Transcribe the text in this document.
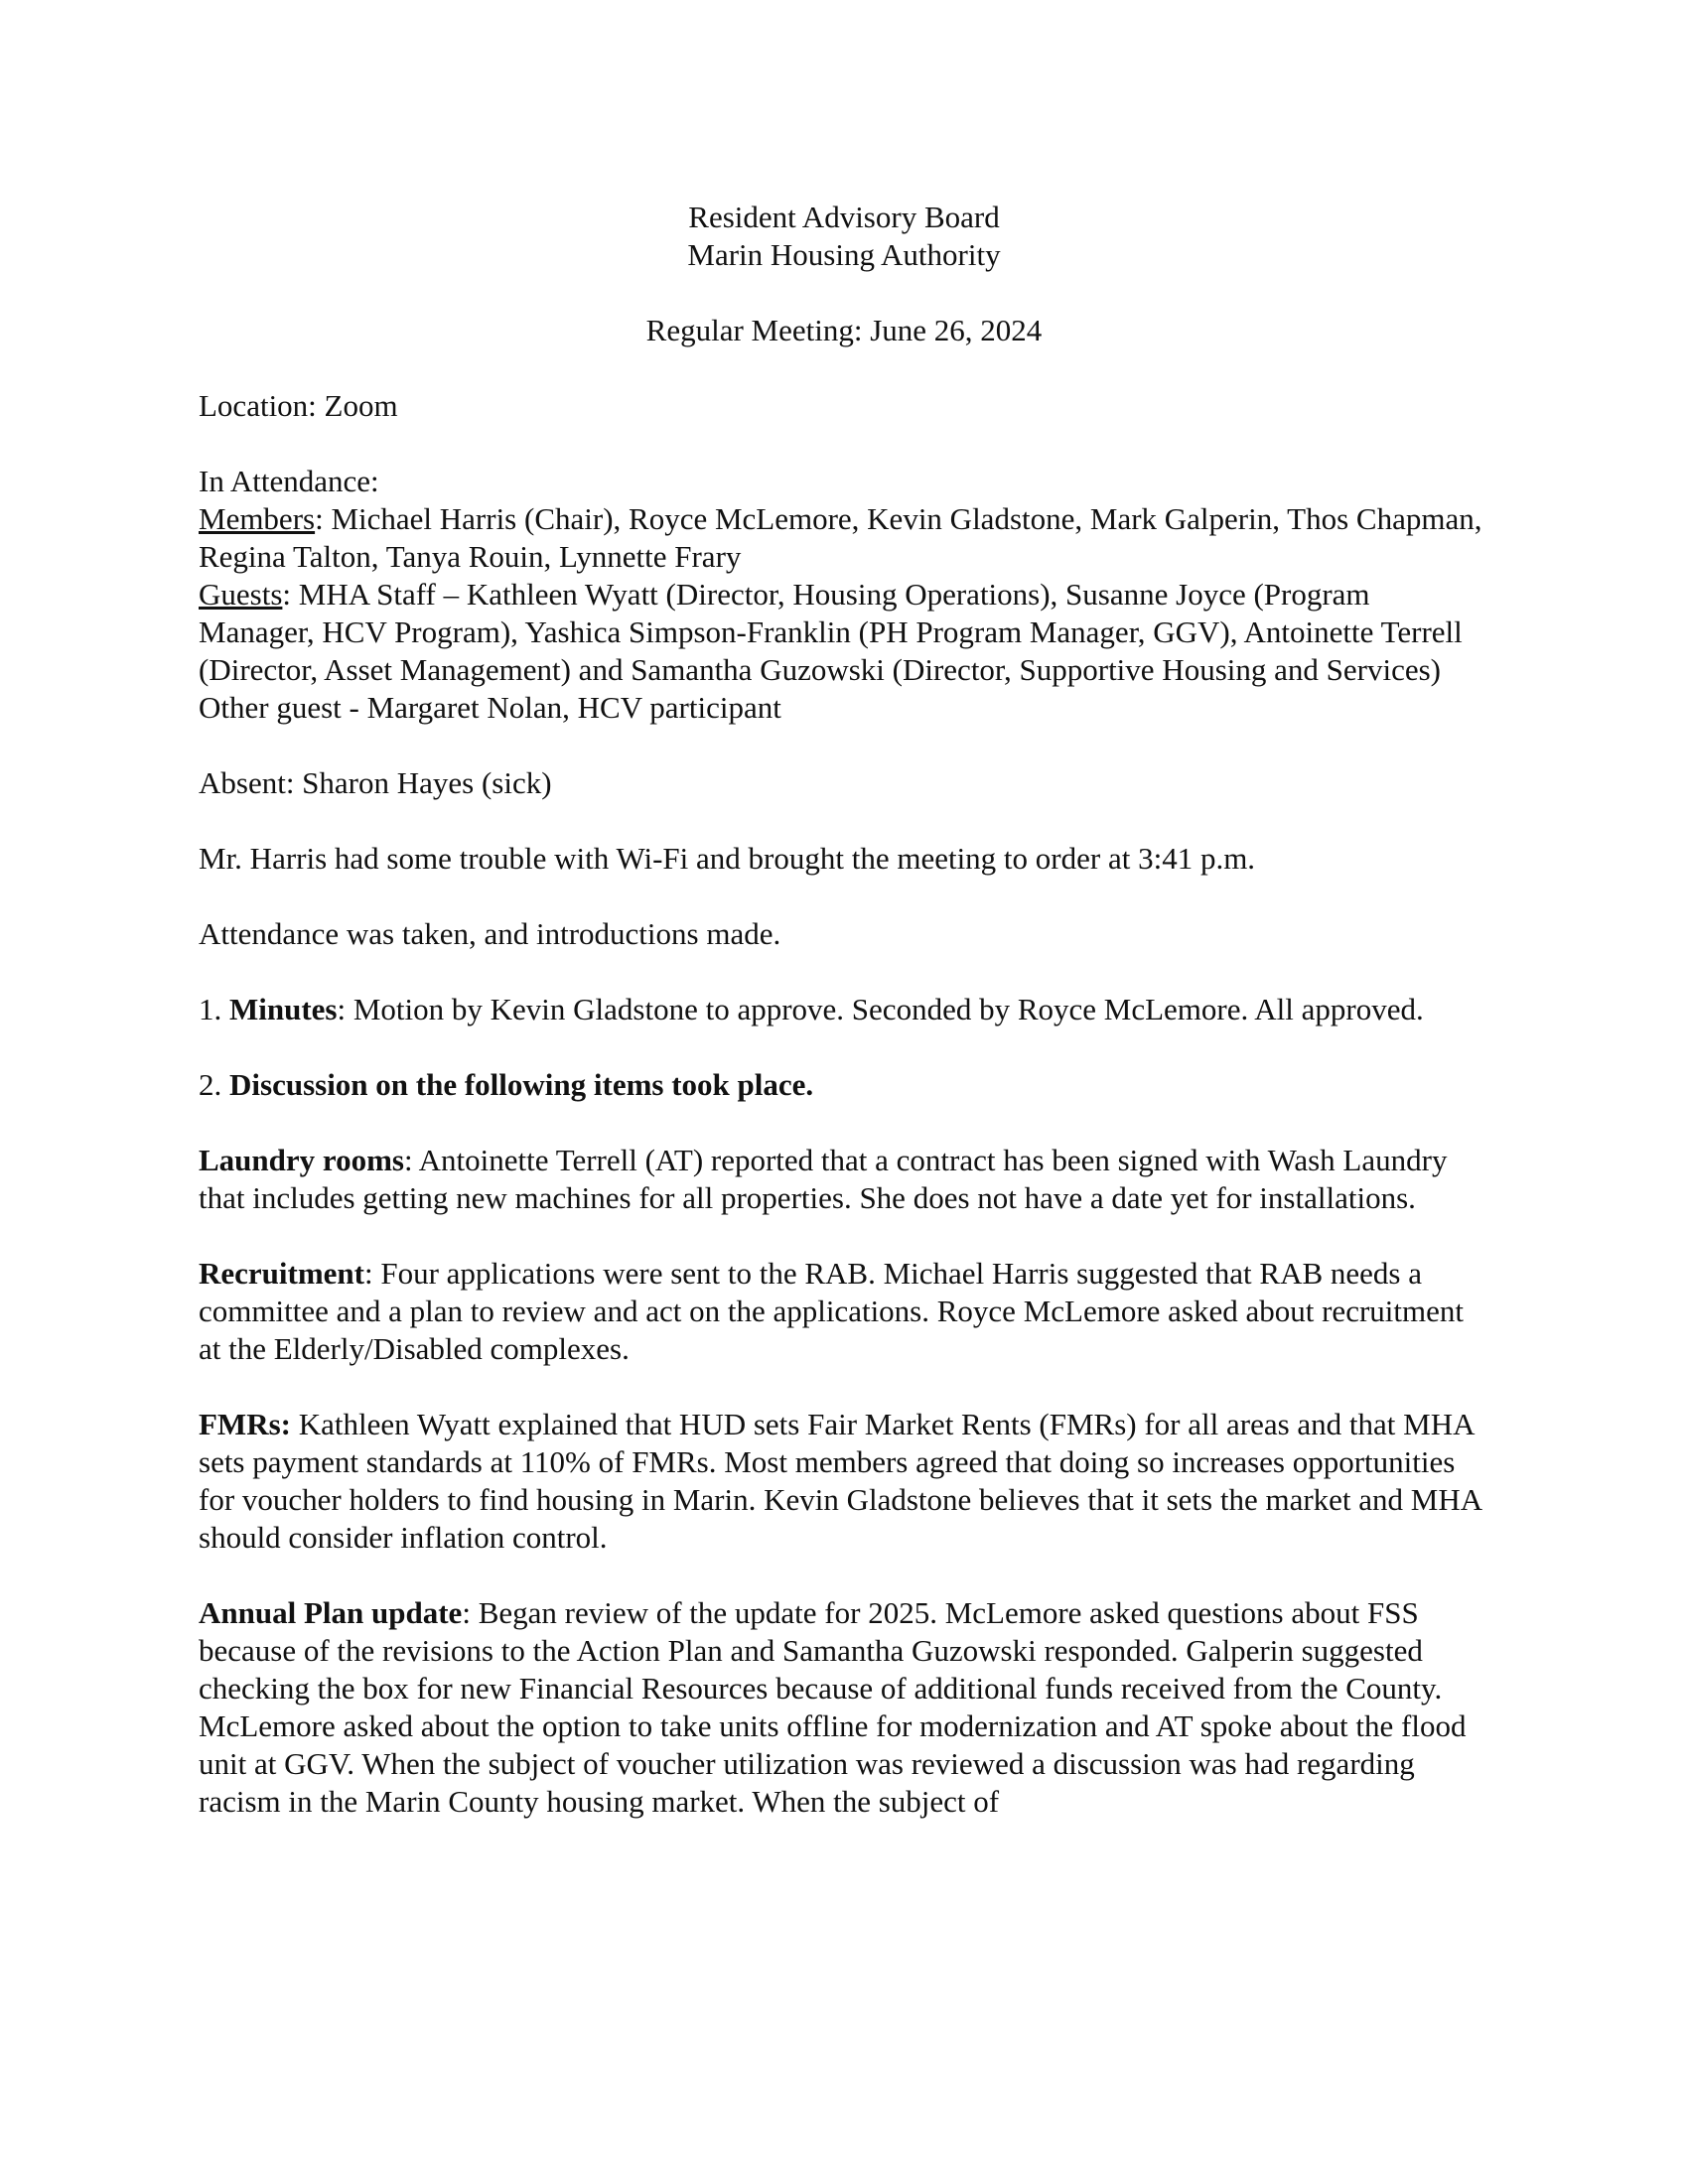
Resident Advisory Board

Marin Housing Authority

Regular Meeting: June 26, 2024

Location: Zoom

In Attendance:

Members: Michael Harris (Chair), Royce McLemore, Kevin Gladstone, Mark Galperin, Thos Chapman, Regina Talton, Tanya Rouin, Lynnette Frary

Guests: MHA Staff – Kathleen Wyatt (Director, Housing Operations), Susanne Joyce (Program Manager, HCV Program), Yashica Simpson-Franklin (PH Program Manager, GGV), Antoinette Terrell (Director, Asset Management) and Samantha Guzowski (Director, Supportive Housing and Services)

Other guest - Margaret Nolan, HCV participant

Absent: Sharon Hayes (sick)

Mr. Harris had some trouble with Wi-Fi and brought the meeting to order at 3:41 p.m.

Attendance was taken, and introductions made.

1. Minutes: Motion by Kevin Gladstone to approve. Seconded by Royce McLemore. All approved.

2. Discussion on the following items took place.

Laundry rooms: Antoinette Terrell (AT) reported that a contract has been signed with Wash Laundry that includes getting new machines for all properties. She does not have a date yet for installations.

Recruitment: Four applications were sent to the RAB. Michael Harris suggested that RAB needs a committee and a plan to review and act on the applications. Royce McLemore asked about recruitment at the Elderly/Disabled complexes.

FMRs: Kathleen Wyatt explained that HUD sets Fair Market Rents (FMRs) for all areas and that MHA sets payment standards at 110% of FMRs. Most members agreed that doing so increases opportunities for voucher holders to find housing in Marin. Kevin Gladstone believes that it sets the market and MHA should consider inflation control.

Annual Plan update: Began review of the update for 2025. McLemore asked questions about FSS because of the revisions to the Action Plan and Samantha Guzowski responded. Galperin suggested checking the box for new Financial Resources because of additional funds received from the County. McLemore asked about the option to take units offline for modernization and AT spoke about the flood unit at GGV. When the subject of voucher utilization was reviewed a discussion was had regarding racism in the Marin County housing market. When the subject of
